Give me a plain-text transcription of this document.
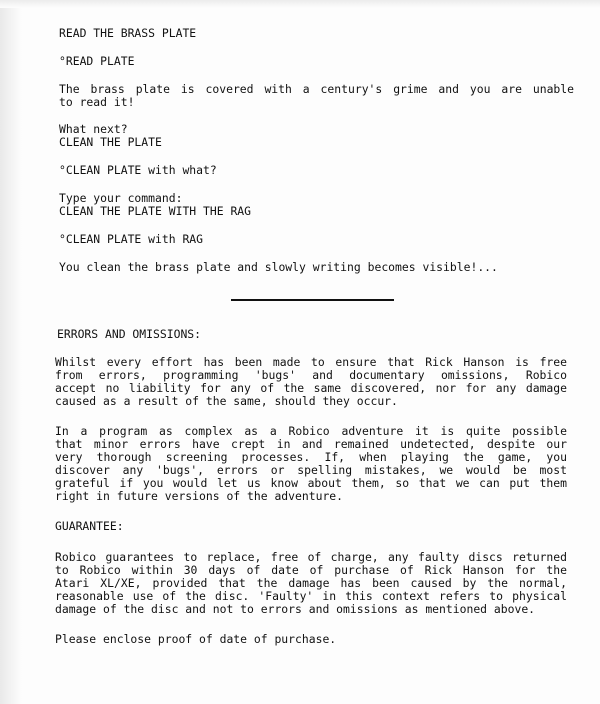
READ THE BRASS PLATE

°READ PLATE

The brass plate is covered with a century's grime and you are unable
to read it!

What next?
CLEAN THE PLATE

°CLEAN PLATE with what?

Type your command:
CLEAN THE PLATE WITH THE RAG

°CLEAN PLATE with RAG

You clean the brass plate and slowly writing becomes visible!...

ERRORS AND OMISSIONS:

Whilst every effort has been made to ensure that Rick Hanson is free
from errors, programming 'bugs' and documentary omissions, Robico
accept no liability for any of the same discovered, nor for any damage
caused as a result of the same, should they occur.

In a program as complex as a Robico adventure it is quite possible
that minor errors have crept in and remained undetected, despite our
very thorough screening processes. If, when playing the game, you
discover any 'bugs', errors or spelling mistakes, we would be most
grateful if you would let us know about them, so that we can put them
right in future versions of the adventure.

GUARANTEE:

Robico guarantees to replace, free of charge, any faulty discs returned
to Robico within 30 days of date of purchase of Rick Hanson for the
Atari XL/XE, provided that the damage has been caused by the normal,
reasonable use of the disc. 'Faulty' in this context refers to physical
damage of the disc and not to errors and omissions as mentioned above.

Please enclose proof of date of purchase.
